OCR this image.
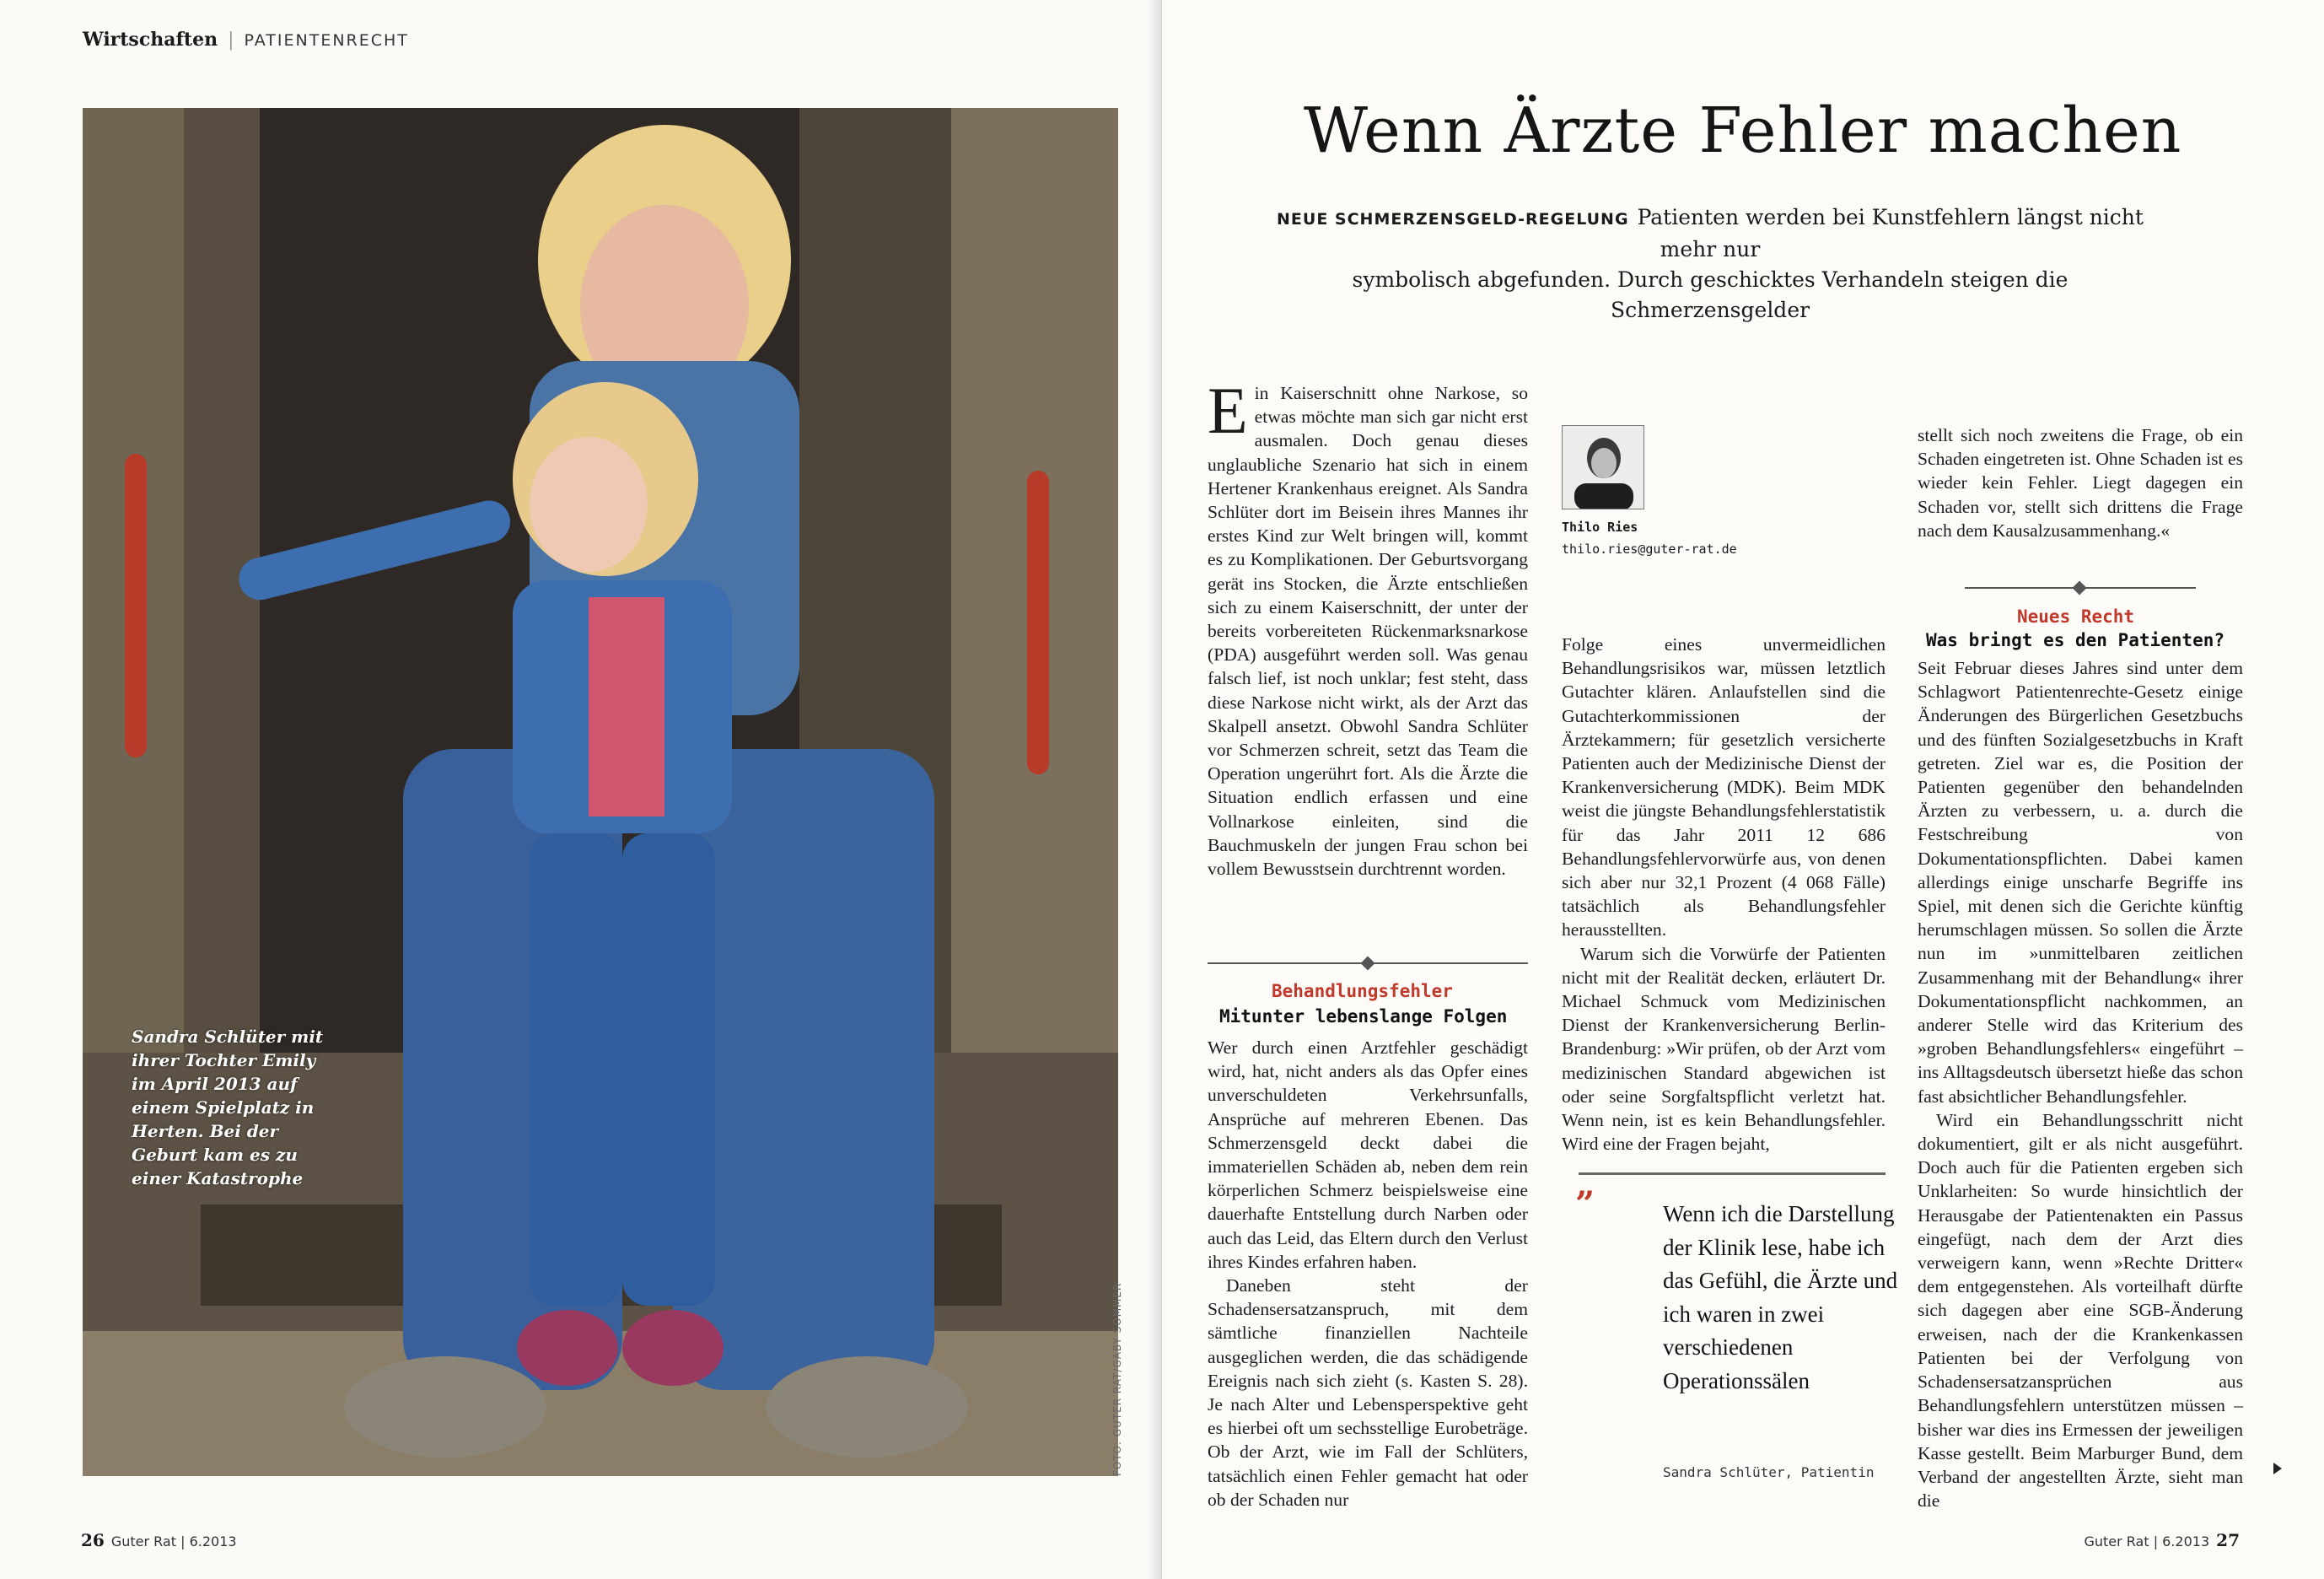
Wirtschaften | PATIENTENRECHT
Sandra Schlüter mit ihrer Tochter Emily im April 2013 auf einem Spielplatz in Herten. Bei der Geburt kam es zu einer Katastrophe
FOTO: GUTER RAT/GABY SOMMER
26 Guter Rat | 6.2013
Wenn Ärzte Fehler machen
NEUE SCHMERZENSGELD-REGELUNG Patienten werden bei Kunstfehlern längst nicht mehr nur
symbolisch abgefunden. Durch geschicktes Verhandeln steigen die Schmerzensgelder

Ein Kaiserschnitt ohne Narkose, so etwas möchte man sich gar nicht erst ausmalen. Doch genau dieses unglaubliche Szenario hat sich in einem Hertener Krankenhaus ereignet. Als Sandra Schlüter dort im Beisein ihres Mannes ihr erstes Kind zur Welt bringen will, kommt es zu Komplikationen. Der Geburtsvorgang gerät ins Stocken, die Ärzte entschließen sich zu einem Kaiserschnitt, der unter der bereits vorbereiteten Rückenmarksnarkose (PDA) ausgeführt werden soll. Was genau falsch lief, ist noch unklar; fest steht, dass diese Narkose nicht wirkt, als der Arzt das Skalpell ansetzt. Obwohl Sandra Schlüter vor Schmerzen schreit, setzt das Team die Operation ungerührt fort. Als die Ärzte die Situation endlich erfassen und eine Vollnarkose einleiten, sind die Bauchmuskeln der jungen Frau schon bei vollem Bewusstsein durchtrennt worden.

Behandlungsfehler
Mitunter lebenslange Folgen

Wer durch einen Arztfehler geschädigt wird, hat, nicht anders als das Opfer eines unverschuldeten Verkehrsunfalls, Ansprüche auf mehreren Ebenen. Das Schmerzensgeld deckt dabei die immateriellen Schäden ab, neben dem rein körperlichen Schmerz beispielsweise eine dauerhafte Entstellung durch Narben oder auch das Leid, das Eltern durch den Verlust ihres Kindes erfahren haben.

Daneben steht der Schadensersatzanspruch, mit dem sämtliche finanziellen Nachteile ausgeglichen werden, die das schädigende Ereignis nach sich zieht (s. Kasten S. 28). Je nach Alter und Lebensperspektive geht es hierbei oft um sechsstellige Eurobeträge. Ob der Arzt, wie im Fall der Schlüters, tatsächlich einen Fehler gemacht hat oder ob der Schaden nur

Thilo Ries
thilo.ries@guter-rat.de

Folge eines unvermeidlichen Behandlungsrisikos war, müssen letztlich Gutachter klären. Anlaufstellen sind die Gutachterkommissionen der Ärztekammern; für gesetzlich versicherte Patienten auch der Medizinische Dienst der Krankenversicherung (MDK). Beim MDK weist die jüngste Behandlungsfehlerstatistik für das Jahr 2011 12 686 Behandlungsfehlervorwürfe aus, von denen sich aber nur 32,1 Prozent (4 068 Fälle) tatsächlich als Behandlungsfehler herausstellten.

Warum sich die Vorwürfe der Patienten nicht mit der Realität decken, erläutert Dr. Michael Schmuck vom Medizinischen Dienst der Krankenversicherung Berlin-Brandenburg: »Wir prüfen, ob der Arzt vom medizinischen Standard abgewichen ist oder seine Sorgfaltspflicht verletzt hat. Wenn nein, ist es kein Behandlungsfehler. Wird eine der Fragen bejaht,

”	Wenn ich die Darstellung der Klinik lese, habe ich das Gefühl, die Ärzte und ich waren in zwei verschiedenen Operationssälen
Sandra Schlüter, Patientin

stellt sich noch zweitens die Frage, ob ein Schaden eingetreten ist. Ohne Schaden ist es wieder kein Fehler. Liegt dagegen ein Schaden vor, stellt sich drittens die Frage nach dem Kausalzusammenhang.«

Neues Recht
Was bringt es den Patienten?

Seit Februar dieses Jahres sind unter dem Schlagwort Patientenrechte-Gesetz einige Änderungen des Bürgerlichen Gesetzbuchs und des fünften Sozialgesetzbuchs in Kraft getreten. Ziel war es, die Position der Patienten gegenüber den behandelnden Ärzten zu verbessern, u. a. durch die Festschreibung von Dokumentationspflichten. Dabei kamen allerdings einige unscharfe Begriffe ins Spiel, mit denen sich die Gerichte künftig herumschlagen müssen. So sollen die Ärzte nun im »unmittelbaren zeitlichen Zusammenhang mit der Behandlung« ihrer Dokumentationspflicht nachkommen, an anderer Stelle wird das Kriterium des »groben Behandlungsfehlers« eingeführt – ins Alltagsdeutsch übersetzt hieße das schon fast absichtlicher Behandlungsfehler.

Wird ein Behandlungsschritt nicht dokumentiert, gilt er als nicht ausgeführt. Doch auch für die Patienten ergeben sich Unklarheiten: So wurde hinsichtlich der Herausgabe der Patientenakten ein Passus eingefügt, nach dem der Arzt dies verweigern kann, wenn »Rechte Dritter« dem entgegenstehen. Als vorteilhaft dürfte sich dagegen aber eine SGB-Änderung erweisen, nach der die Krankenkassen Patienten bei der Verfolgung von Schadensersatzansprüchen aus Behandlungsfehlern unterstützen müssen – bisher war dies ins Ermessen der jeweiligen Kasse gestellt. Beim Marburger Bund, dem Verband der angestellten Ärzte, sieht man die

Guter Rat | 6.2013 27
